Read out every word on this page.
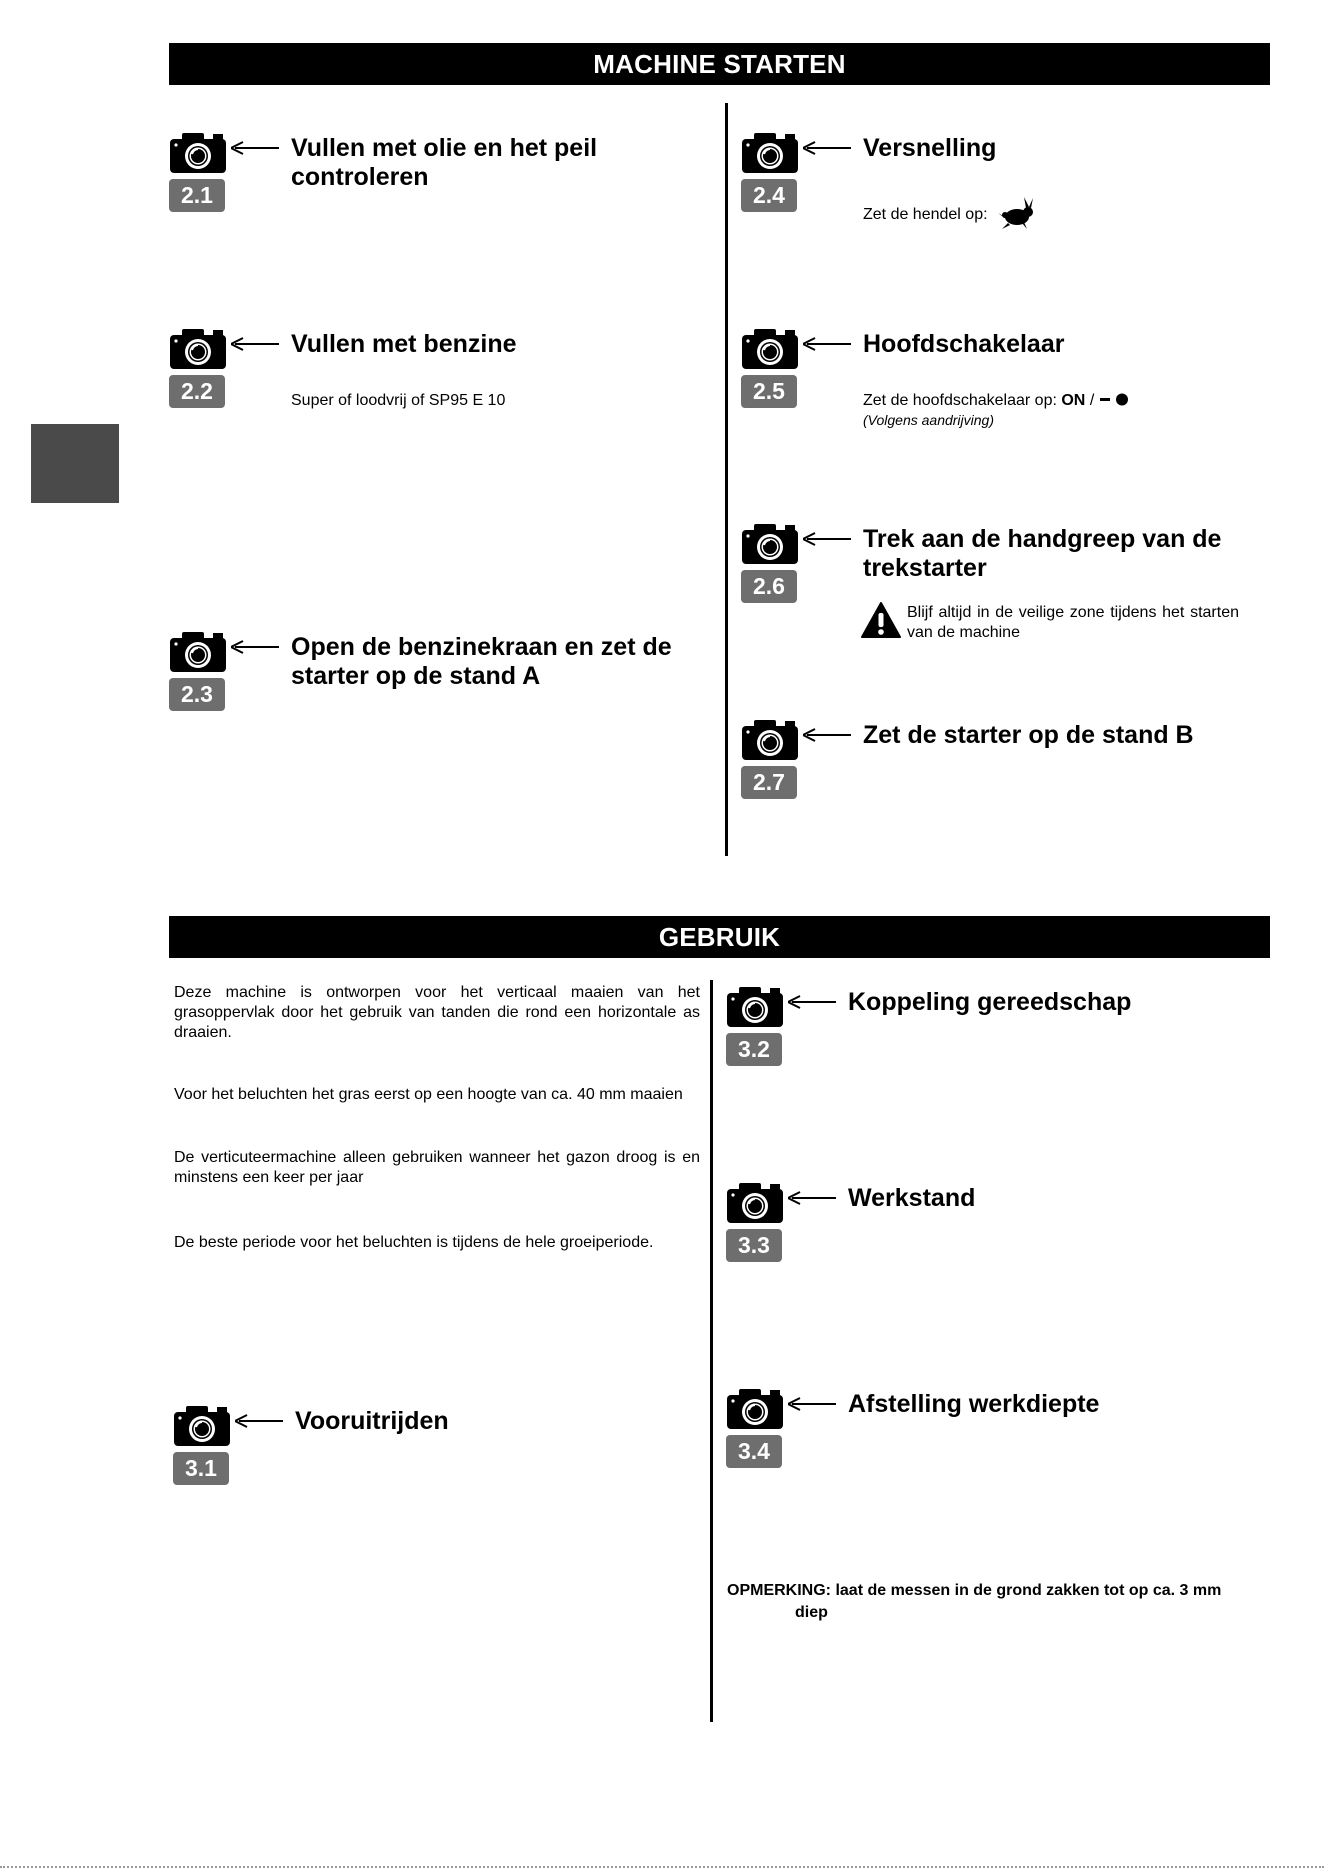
MACHINE STARTEN
2.1
Vullen met olie en het peil
controleren
2.2
Vullen met benzine
Super of loodvrij of SP95 E 10
2.3
Open de benzinekraan en zet de
starter op de stand A
2.4
Versnelling
Zet de hendel op:
2.5
Hoofdschakelaar
Zet de hoofdschakelaar op: ON /
(Volgens aandrijving)
2.6
Trek aan de handgreep van de
trekstarter
Blijf altijd in de veilige zone tijdens het starten van de machine
2.7
Zet de starter op de stand B
GEBRUIK
Deze machine is ontworpen voor het verticaal maaien van het grasoppervlak door het gebruik van tanden die rond een horizontale as draaien.
Voor het beluchten het gras eerst op een hoogte van ca. 40 mm maaien
De verticuteermachine alleen gebruiken wanneer het gazon droog is en minstens een keer per jaar
De beste periode voor het beluchten is tijdens de hele groeiperiode.
3.1
Vooruitrijden
3.2
Koppeling gereedschap
3.3
Werkstand
3.4
Afstelling werkdiepte
OPMERKING: laat de messen in de grond zakken tot op ca. 3 mm
diep
